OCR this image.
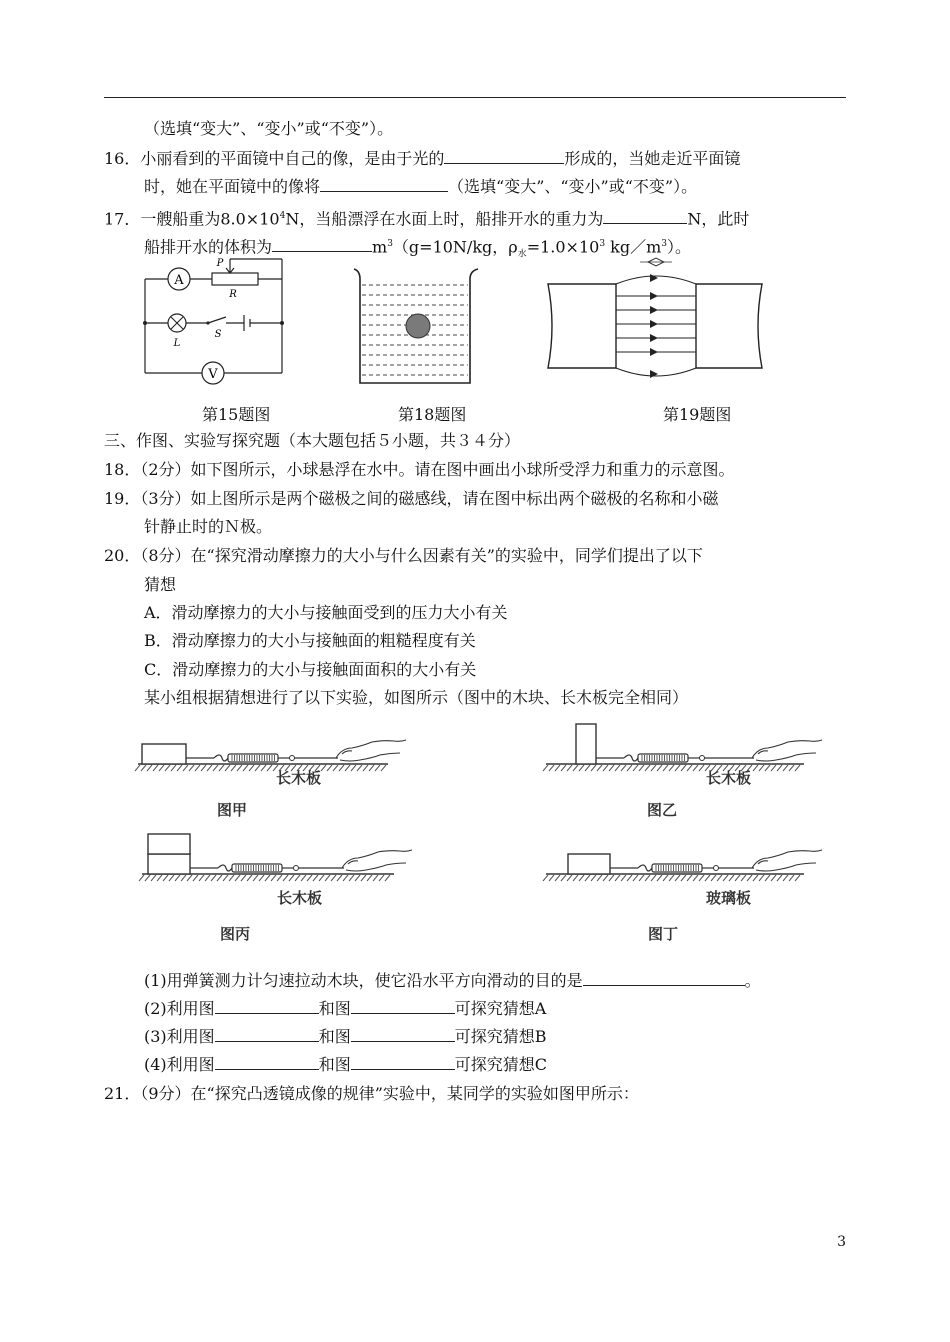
（选填“变大”、“变小”或“不变”）。
16．小丽看到的平面镜中自己的像，是由于光的	形成的，当她走近平面镜
时，她在平面镜中的像将	（选填“变大”、“变小”或“不变”）。
17．一艘船重为$8.0\times 10^4N$，当船漂浮在水面上时，船排开水的重力为	N，此时
船排开水的体积为	$m^3(g=10N/kg$，$\rho_水=1.0\times 10^3$ $kg/m^3$）。
A
V
L
S
P
R
第15题图	第18题图	第19题图
三、作图、实验写探究题（本大题包括５小题，共３４分）
18．（2分）如下图所示，小球悬浮在水中。请在图中画出小球所受浮力和重力的示意图。
19．（3分）如上图所示是两个磁极之间的磁感线，请在图中标出两个磁极的名称和小磁
针静止时的Ｎ极。
20．（8分）在“探究滑动摩擦力的大小与什么因素有关”的实验中，同学们提出了以下
猜想
A．滑动摩擦力的大小与接触面受到的压力大小有关
B．滑动摩擦力的大小与接触面的粗糙程度有关
C．滑动摩擦力的大小与接触面面积的大小有关
某小组根据猜想进行了以下实验，如图所示（图中的木块、长木板完全相同）
长木板
图甲
长木板
图乙
长木板
图丙
玻璃板
图丁
(1)用弹簧测力计匀速拉动木块，使它沿水平方向滑动的目的是	。
(2)利用图	和图	可探究猜想A
(3)利用图	和图	可探究猜想B
(4)利用图	和图	可探究猜想C
21．（9分）在“探究凸透镜成像的规律”实验中，某同学的实验如图甲所示：
3
